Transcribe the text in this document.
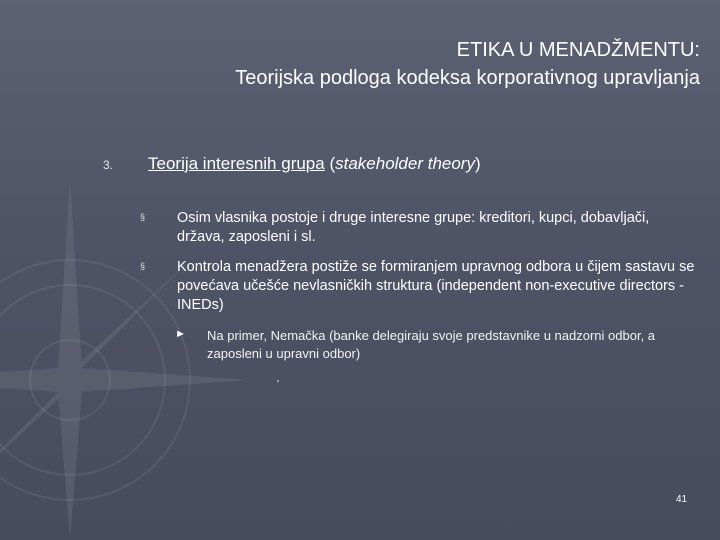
ETIKA U MENADŽMENTU:
Teorijska podloga kodeksa korporativnog upravljanja
3. Teorija interesnih grupa (stakeholder theory)
§ Osim vlasnika postoje i druge interesne grupe: kreditori, kupci, dobavljači, država, zaposleni i sl.
§ Kontrola menadžera postiže se formiranjem upravnog odbora u čijem sastavu se povećava učešće nevlasničkih struktura (independent non-executive directors - INEDs)
► Na primer, Nemačka (banke delegiraju svoje predstavnike u nadzorni odbor, a zaposleni u upravni odbor)
'
41
